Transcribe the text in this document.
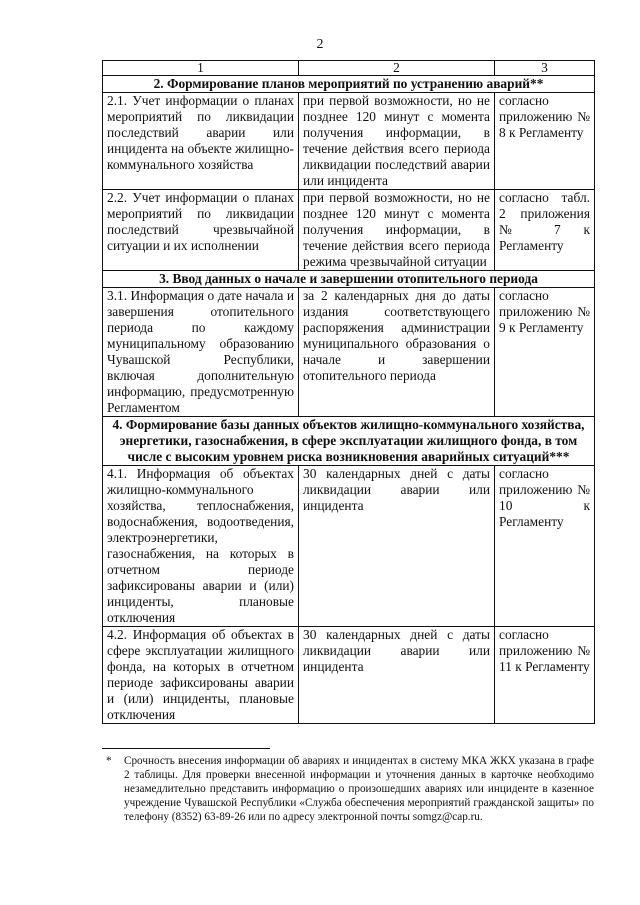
2
1	2	3
2. Формирование планов мероприятий по устранению аварий**		
2.1. Учет информации о планах мероприятий по ликвидации последствий аварии или инцидента на объекте жилищно-коммунального хозяйства	при первой возможности, но не позднее 120 минут с момента получения информации, в течение действия всего периода ликвидации последствий аварии или инцидента	согласно приложению № 8 к Регламенту
2.2. Учет информации о планах мероприятий по ликвидации последствий чрезвычайной ситуации и их исполнении	при первой возможности, но не позднее 120 минут с момента получения информации, в течение действия всего периода режима чрезвычайной ситуации	согласно табл. 2 приложения № 7 к Регламенту
3. Ввод данных о начале и завершении отопительного периода		
3.1. Информация о дате начала и завершения отопительного периода по каждому муниципальному образованию Чувашской Республики, включая дополнительную информацию, предусмотренную Регламентом	за 2 календарных дня до даты издания соответствующего распоряжения администрации муниципального образования о начале и завершении отопительного периода	согласно приложению № 9 к Регламенту
4. Формирование базы данных объектов жилищно-коммунального хозяйства, энергетики, газоснабжения, в сфере эксплуатации жилищного фонда, в том числе с высоким уровнем риска возникновения аварийных ситуаций***		
4.1. Информация об объектах жилищно-коммунального хозяйства, теплоснабжения, водоснабжения, водоотведения, электроэнергетики, газоснабжения, на которых в отчетном периоде зафиксированы аварии и (или) инциденты, плановые отключения	30 календарных дней с даты ликвидации аварии или инцидента	согласно приложению № 10 к Регламенту
4.2. Информация об объектах в сфере эксплуатации жилищного фонда, на которых в отчетном периоде зафиксированы аварии и (или) инциденты, плановые отключения	30 календарных дней с даты ликвидации аварии или инцидента	согласно приложению № 11 к Регламенту
*	Срочность внесения информации об авариях и инцидентах в систему МКА ЖКХ указана в графе 2 таблицы. Для проверки внесенной информации и уточнения данных в карточке необходимо незамедлительно представить информацию о произошедших авариях или инциденте в казенное учреждение Чувашской Республики «Служба обеспечения мероприятий гражданской защиты» по телефону (8352) 63-89-26 или по адресу электронной почты somgz@cap.ru.
